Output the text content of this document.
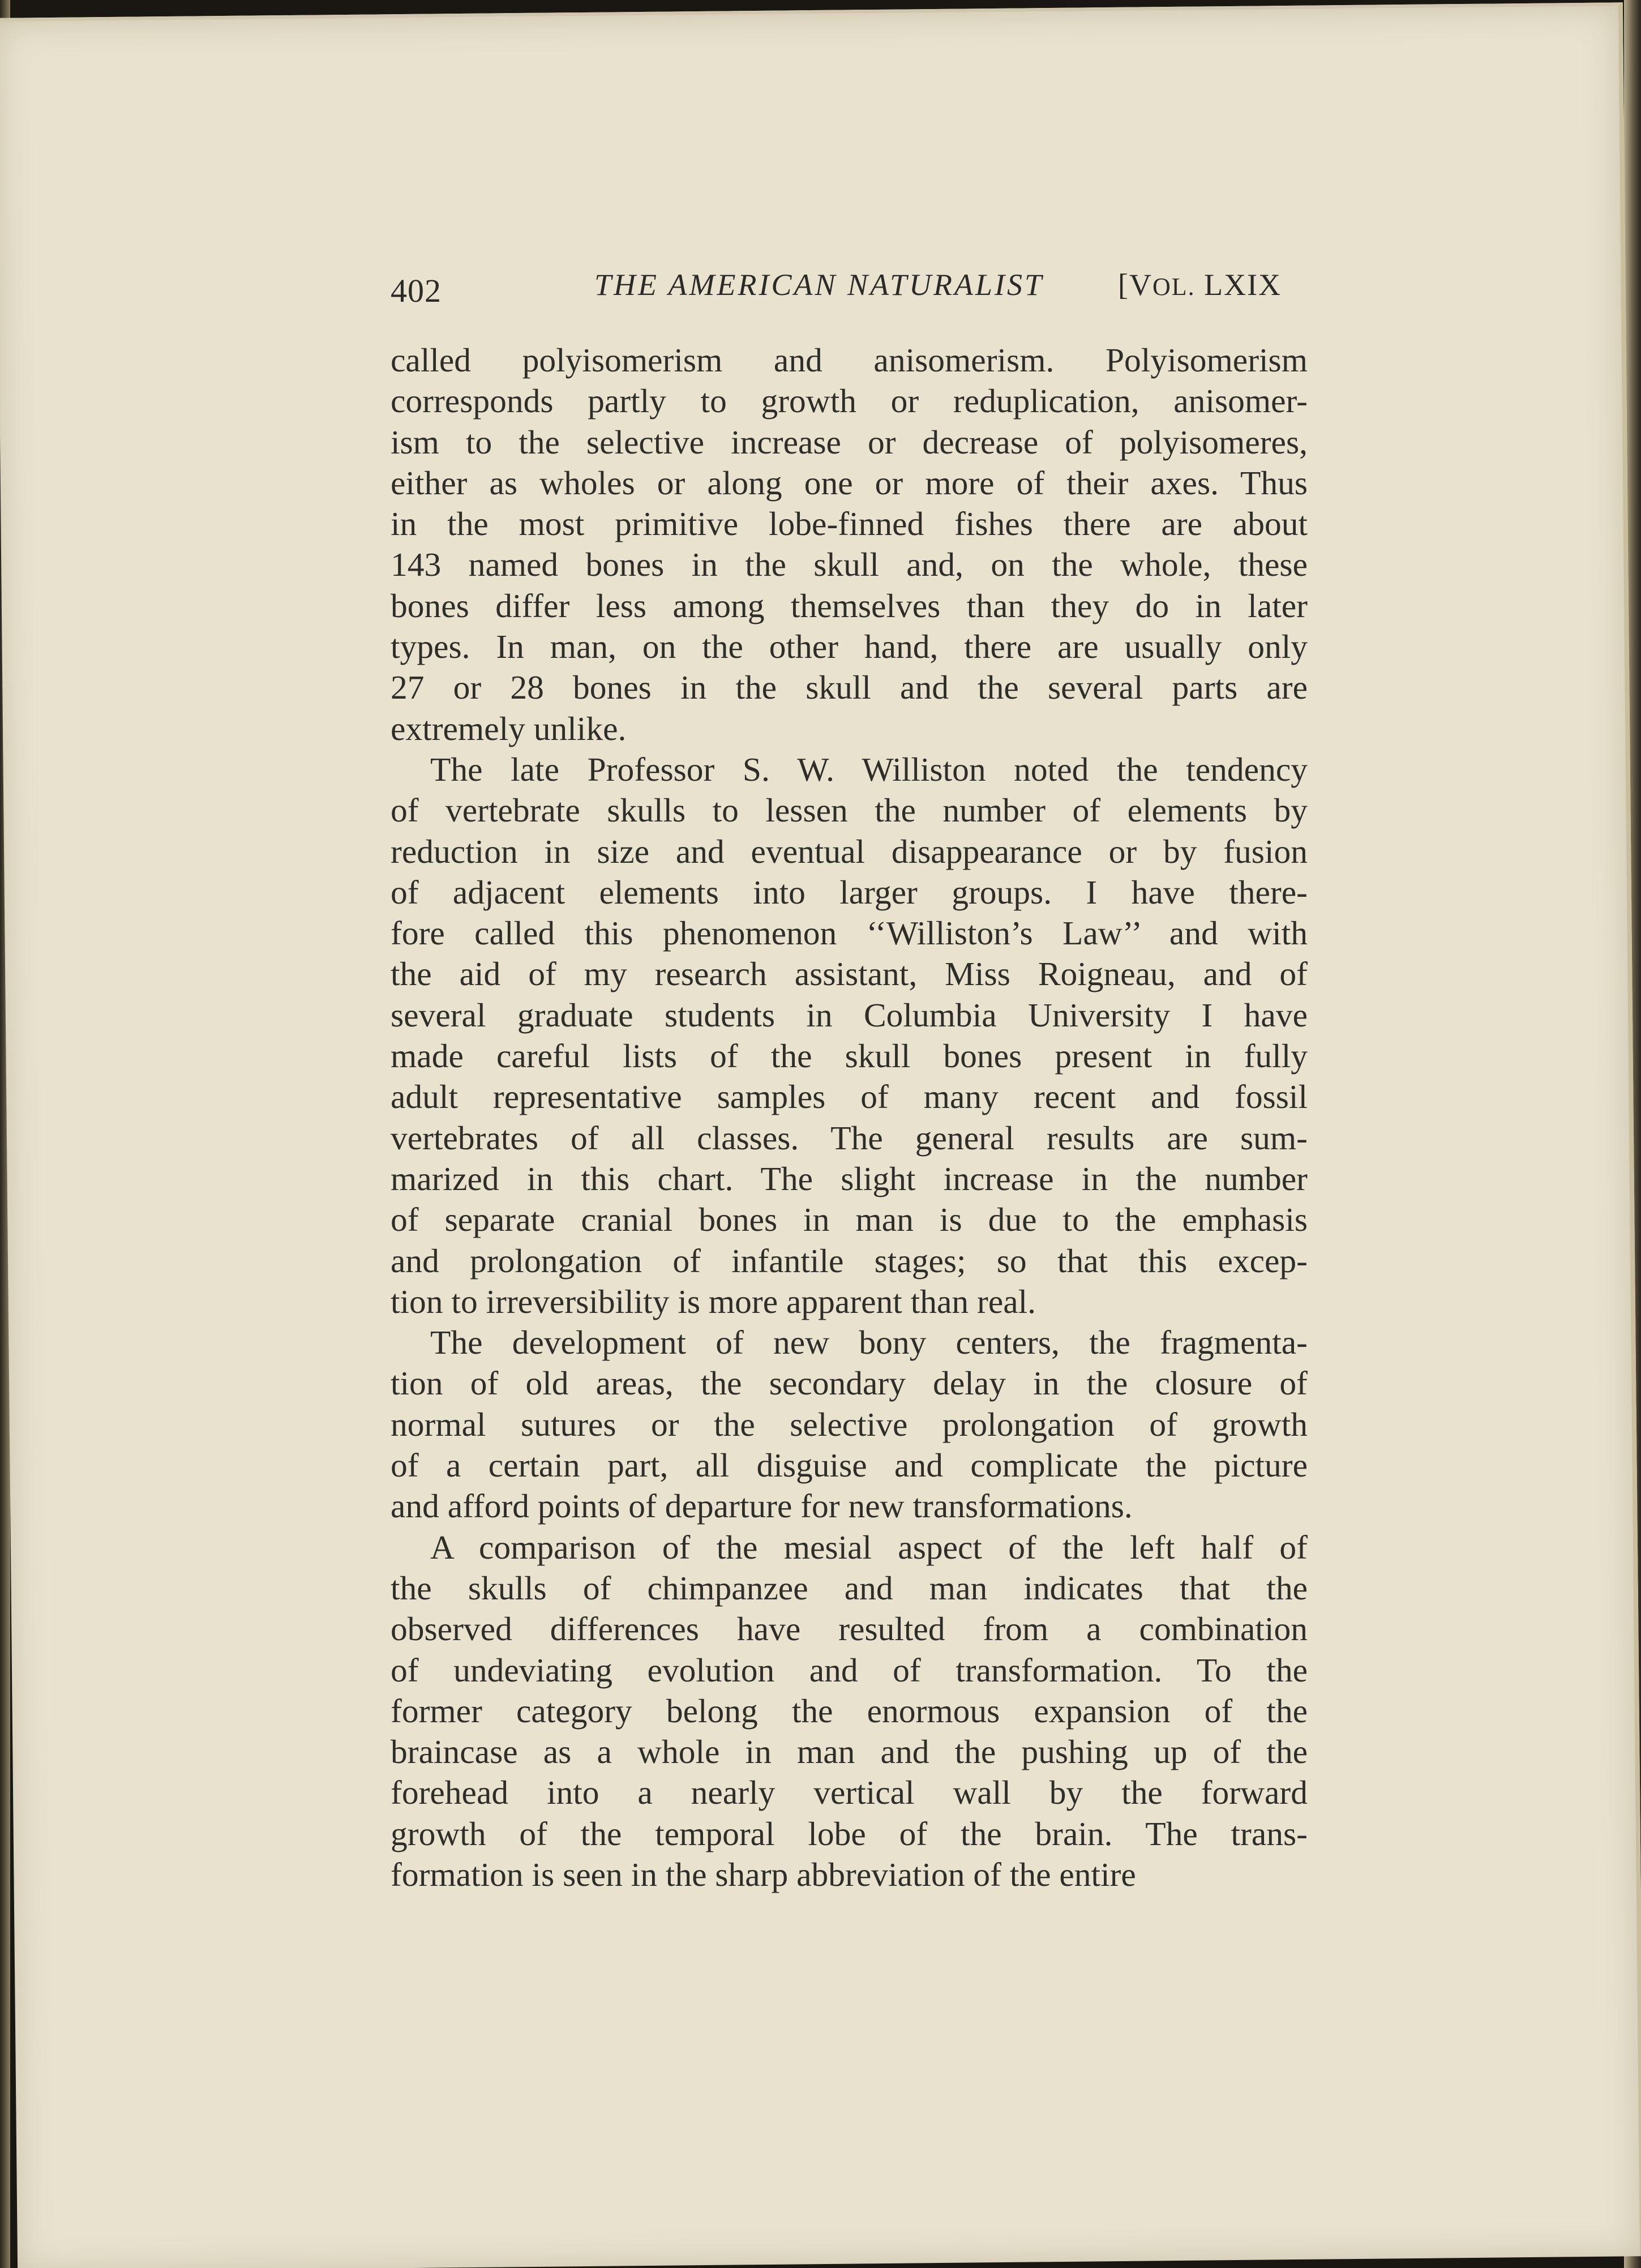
402	THE AMERICAN NATURALIST [VOL. LXIX
called polyisomerism and anisomerism. Polyisomerism
corresponds partly to growth or reduplication, anisomer-
ism to the selective increase or decrease of polyisomeres,
either as wholes or along one or more of their axes. Thus
in the most primitive lobe-finned fishes there are about
143 named bones in the skull and, on the whole, these
bones differ less among themselves than they do in later
types. In man, on the other hand, there are usually only
27 or 28 bones in the skull and the several parts are
extremely unlike.
The late Professor S. W. Williston noted the tendency
of vertebrate skulls to lessen the number of elements by
reduction in size and eventual disappearance or by fusion
of adjacent elements into larger groups. I have there-
fore called this phenomenon ‘‘Williston’s Law’’ and with
the aid of my research assistant, Miss Roigneau, and of
several graduate students in Columbia University I have
made careful lists of the skull bones present in fully
adult representative samples of many recent and fossil
vertebrates of all classes. The general results are sum-
marized in this chart. The slight increase in the number
of separate cranial bones in man is due to the emphasis
and prolongation of infantile stages; so that this excep-
tion to irreversibility is more apparent than real.
The development of new bony centers, the fragmenta-
tion of old areas, the secondary delay in the closure of
normal sutures or the selective prolongation of growth
of a certain part, all disguise and complicate the picture
and afford points of departure for new transformations.
A comparison of the mesial aspect of the left half of
the skulls of chimpanzee and man indicates that the
observed differences have resulted from a combination
of undeviating evolution and of transformation. To the
former category belong the enormous expansion of the
braincase as a whole in man and the pushing up of the
forehead into a nearly vertical wall by the forward
growth of the temporal lobe of the brain. The trans-
formation is seen in the sharp abbreviation of the entire
